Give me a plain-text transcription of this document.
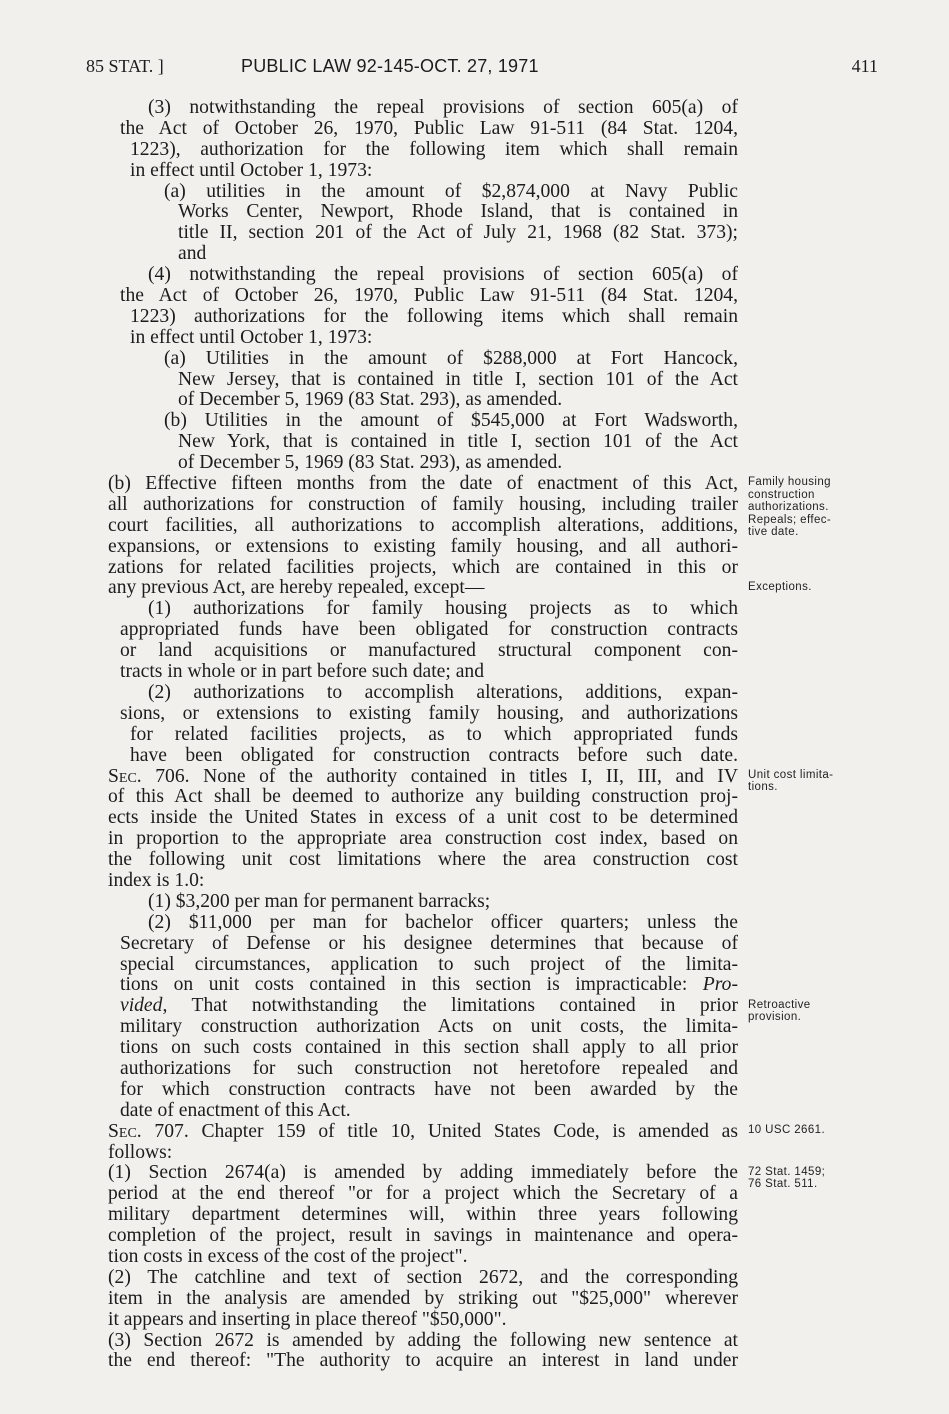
85 STAT. ]	PUBLIC LAW 92-145-OCT. 27, 1971	411
(3) notwithstanding the repeal provisions of section 605(a) of
the Act of October 26, 1970, Public Law 91-511 (84 Stat. 1204,
1223), authorization for the following item which shall remain
in effect until October 1, 1973:
(a) utilities in the amount of $2,874,000 at Navy Public
Works Center, Newport, Rhode Island, that is contained in
title II, section 201 of the Act of July 21, 1968 (82 Stat. 373);
and
(4) notwithstanding the repeal provisions of section 605(a) of
the Act of October 26, 1970, Public Law 91-511 (84 Stat. 1204,
1223) authorizations for the following items which shall remain
in effect until October 1, 1973:
(a) Utilities in the amount of $288,000 at Fort Hancock,
New Jersey, that is contained in title I, section 101 of the Act
of December 5, 1969 (83 Stat. 293), as amended.
(b) Utilities in the amount of $545,000 at Fort Wadsworth,
New York, that is contained in title I, section 101 of the Act
of December 5, 1969 (83 Stat. 293), as amended.
(b) Effective fifteen months from the date of enactment of this Act,
all authorizations for construction of family housing, including trailer
court facilities, all authorizations to accomplish alterations, additions,
expansions, or extensions to existing family housing, and all authori-
zations for related facilities projects, which are contained in this or
any previous Act, are hereby repealed, except—
(1) authorizations for family housing projects as to which
appropriated funds have been obligated for construction contracts
or land acquisitions or manufactured structural component con-
tracts in whole or in part before such date; and
(2) authorizations to accomplish alterations, additions, expan-
sions, or extensions to existing family housing, and authorizations
for related facilities projects, as to which appropriated funds
have been obligated for construction contracts before such date.
Sec. 706. None of the authority contained in titles I, II, III, and IV
of this Act shall be deemed to authorize any building construction proj-
ects inside the United States in excess of a unit cost to be determined
in proportion to the appropriate area construction cost index, based on
the following unit cost limitations where the area construction cost
index is 1.0:
(1) $3,200 per man for permanent barracks;
(2) $11,000 per man for bachelor officer quarters; unless the
Secretary of Defense or his designee determines that because of
special circumstances, application to such project of the limita-
tions on unit costs contained in this section is impracticable: Pro-
vided, That notwithstanding the limitations contained in prior
military construction authorization Acts on unit costs, the limita-
tions on such costs contained in this section shall apply to all prior
authorizations for such construction not heretofore repealed and
for which construction contracts have not been awarded by the
date of enactment of this Act.
Sec. 707. Chapter 159 of title 10, United States Code, is amended as
follows:
(1) Section 2674(a) is amended by adding immediately before the
period at the end thereof "or for a project which the Secretary of a
military department determines will, within three years following
completion of the project, result in savings in maintenance and opera-
tion costs in excess of the cost of the project".
(2) The catchline and text of section 2672, and the corresponding
item in the analysis are amended by striking out "$25,000" wherever
it appears and inserting in place thereof "$50,000".
(3) Section 2672 is amended by adding the following new sentence at
the end thereof: "The authority to acquire an interest in land under
Family housing
construction
authorizations.
Repeals; effec-
tive date.
Exceptions.
Unit cost limita-
tions.
Retroactive
provision.
10 USC 2661.
72 Stat. 1459;
76 Stat. 511.
